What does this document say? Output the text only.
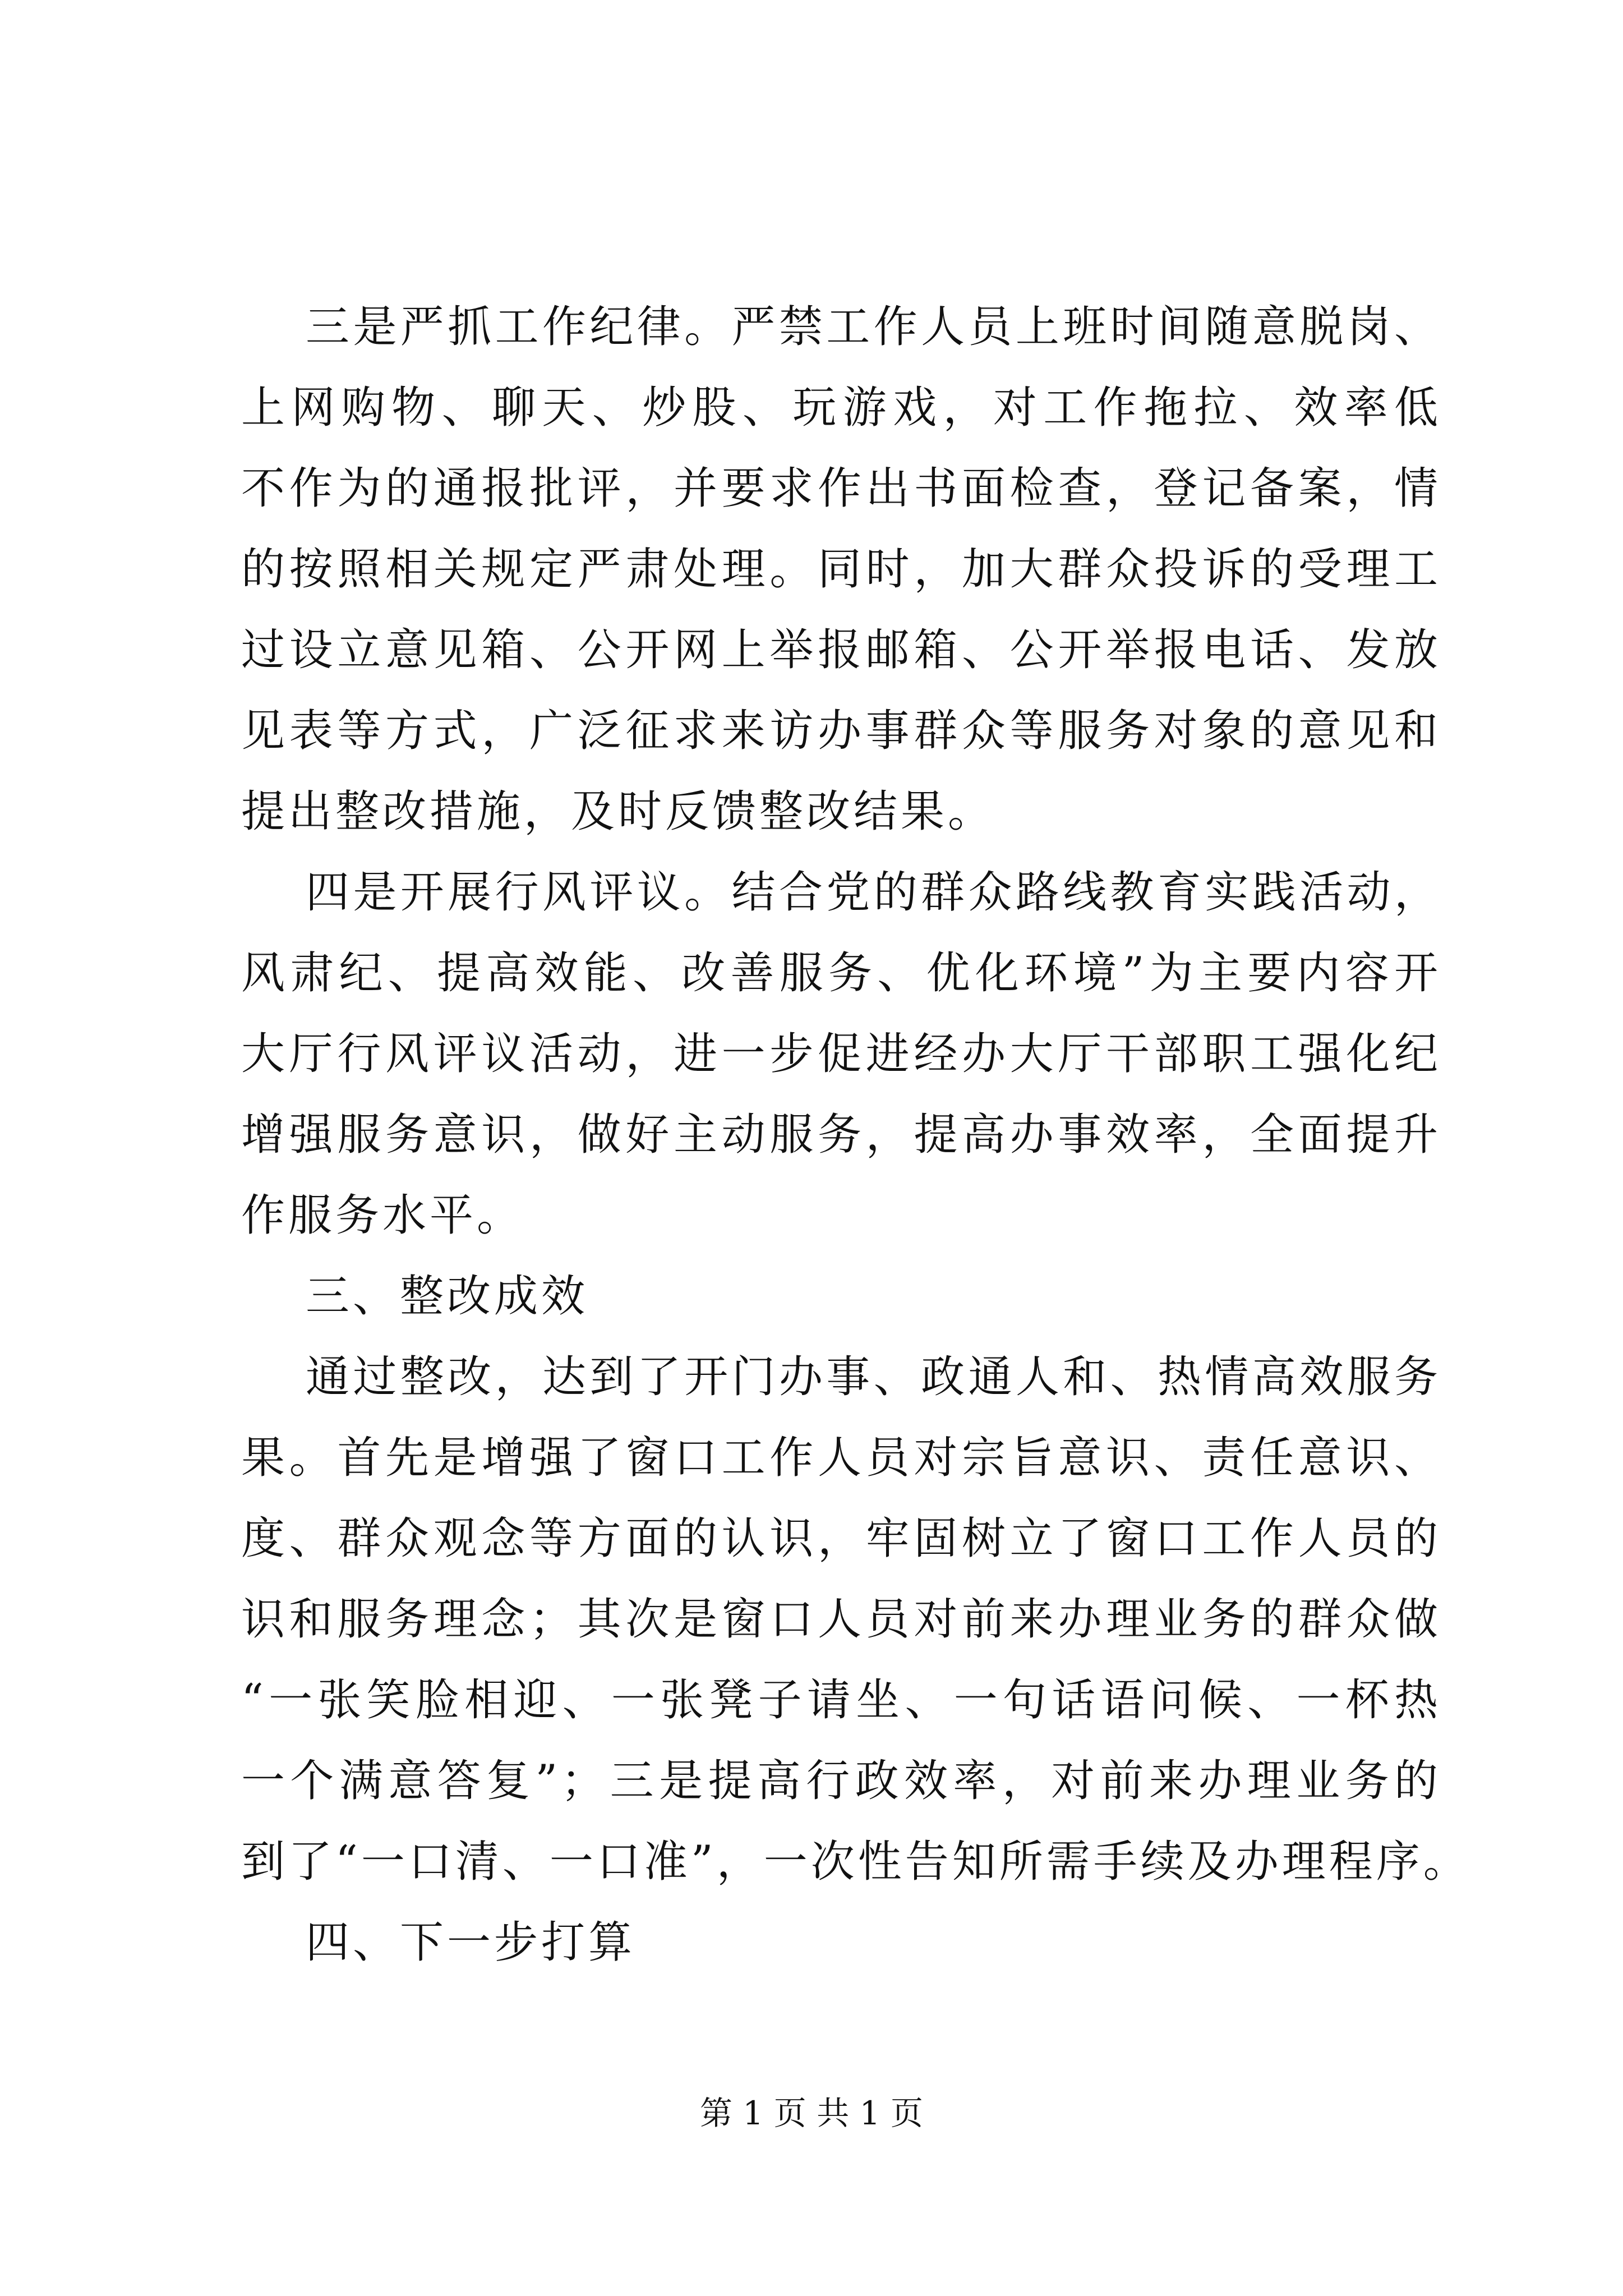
三是严抓工作纪律。严禁工作人员上班时间随意脱岗、
上网购物、聊天、炒股、玩游戏，对工作拖拉、效率低
不作为的通报批评，并要求作出书面检查，登记备案，情
的按照相关规定严肃处理。同时，加大群众投诉的受理工
过设立意见箱、公开网上举报邮箱、公开举报电话、发放
见表等方式，广泛征求来访办事群众等服务对象的意见和
提出整改措施，及时反馈整改结果。
四是开展行风评议。结合党的群众路线教育实践活动，
风肃纪、提高效能、改善服务、优化环境”为主要内容开
大厅行风评议活动，进一步促进经办大厅干部职工强化纪
增强服务意识，做好主动服务，提高办事效率，全面提升
作服务水平。
三、整改成效
通过整改，达到了开门办事、政通人和、热情高效服务
果。首先是增强了窗口工作人员对宗旨意识、责任意识、
度、群众观念等方面的认识，牢固树立了窗口工作人员的
识和服务理念；其次是窗口人员对前来办理业务的群众做
“一张笑脸相迎、一张凳子请坐、一句话语问候、一杯热
一个满意答复”；三是提高行政效率，对前来办理业务的
到了“一口清、一口准”，一次性告知所需手续及办理程序。
四、下一步打算
第 1 页 共 1 页
